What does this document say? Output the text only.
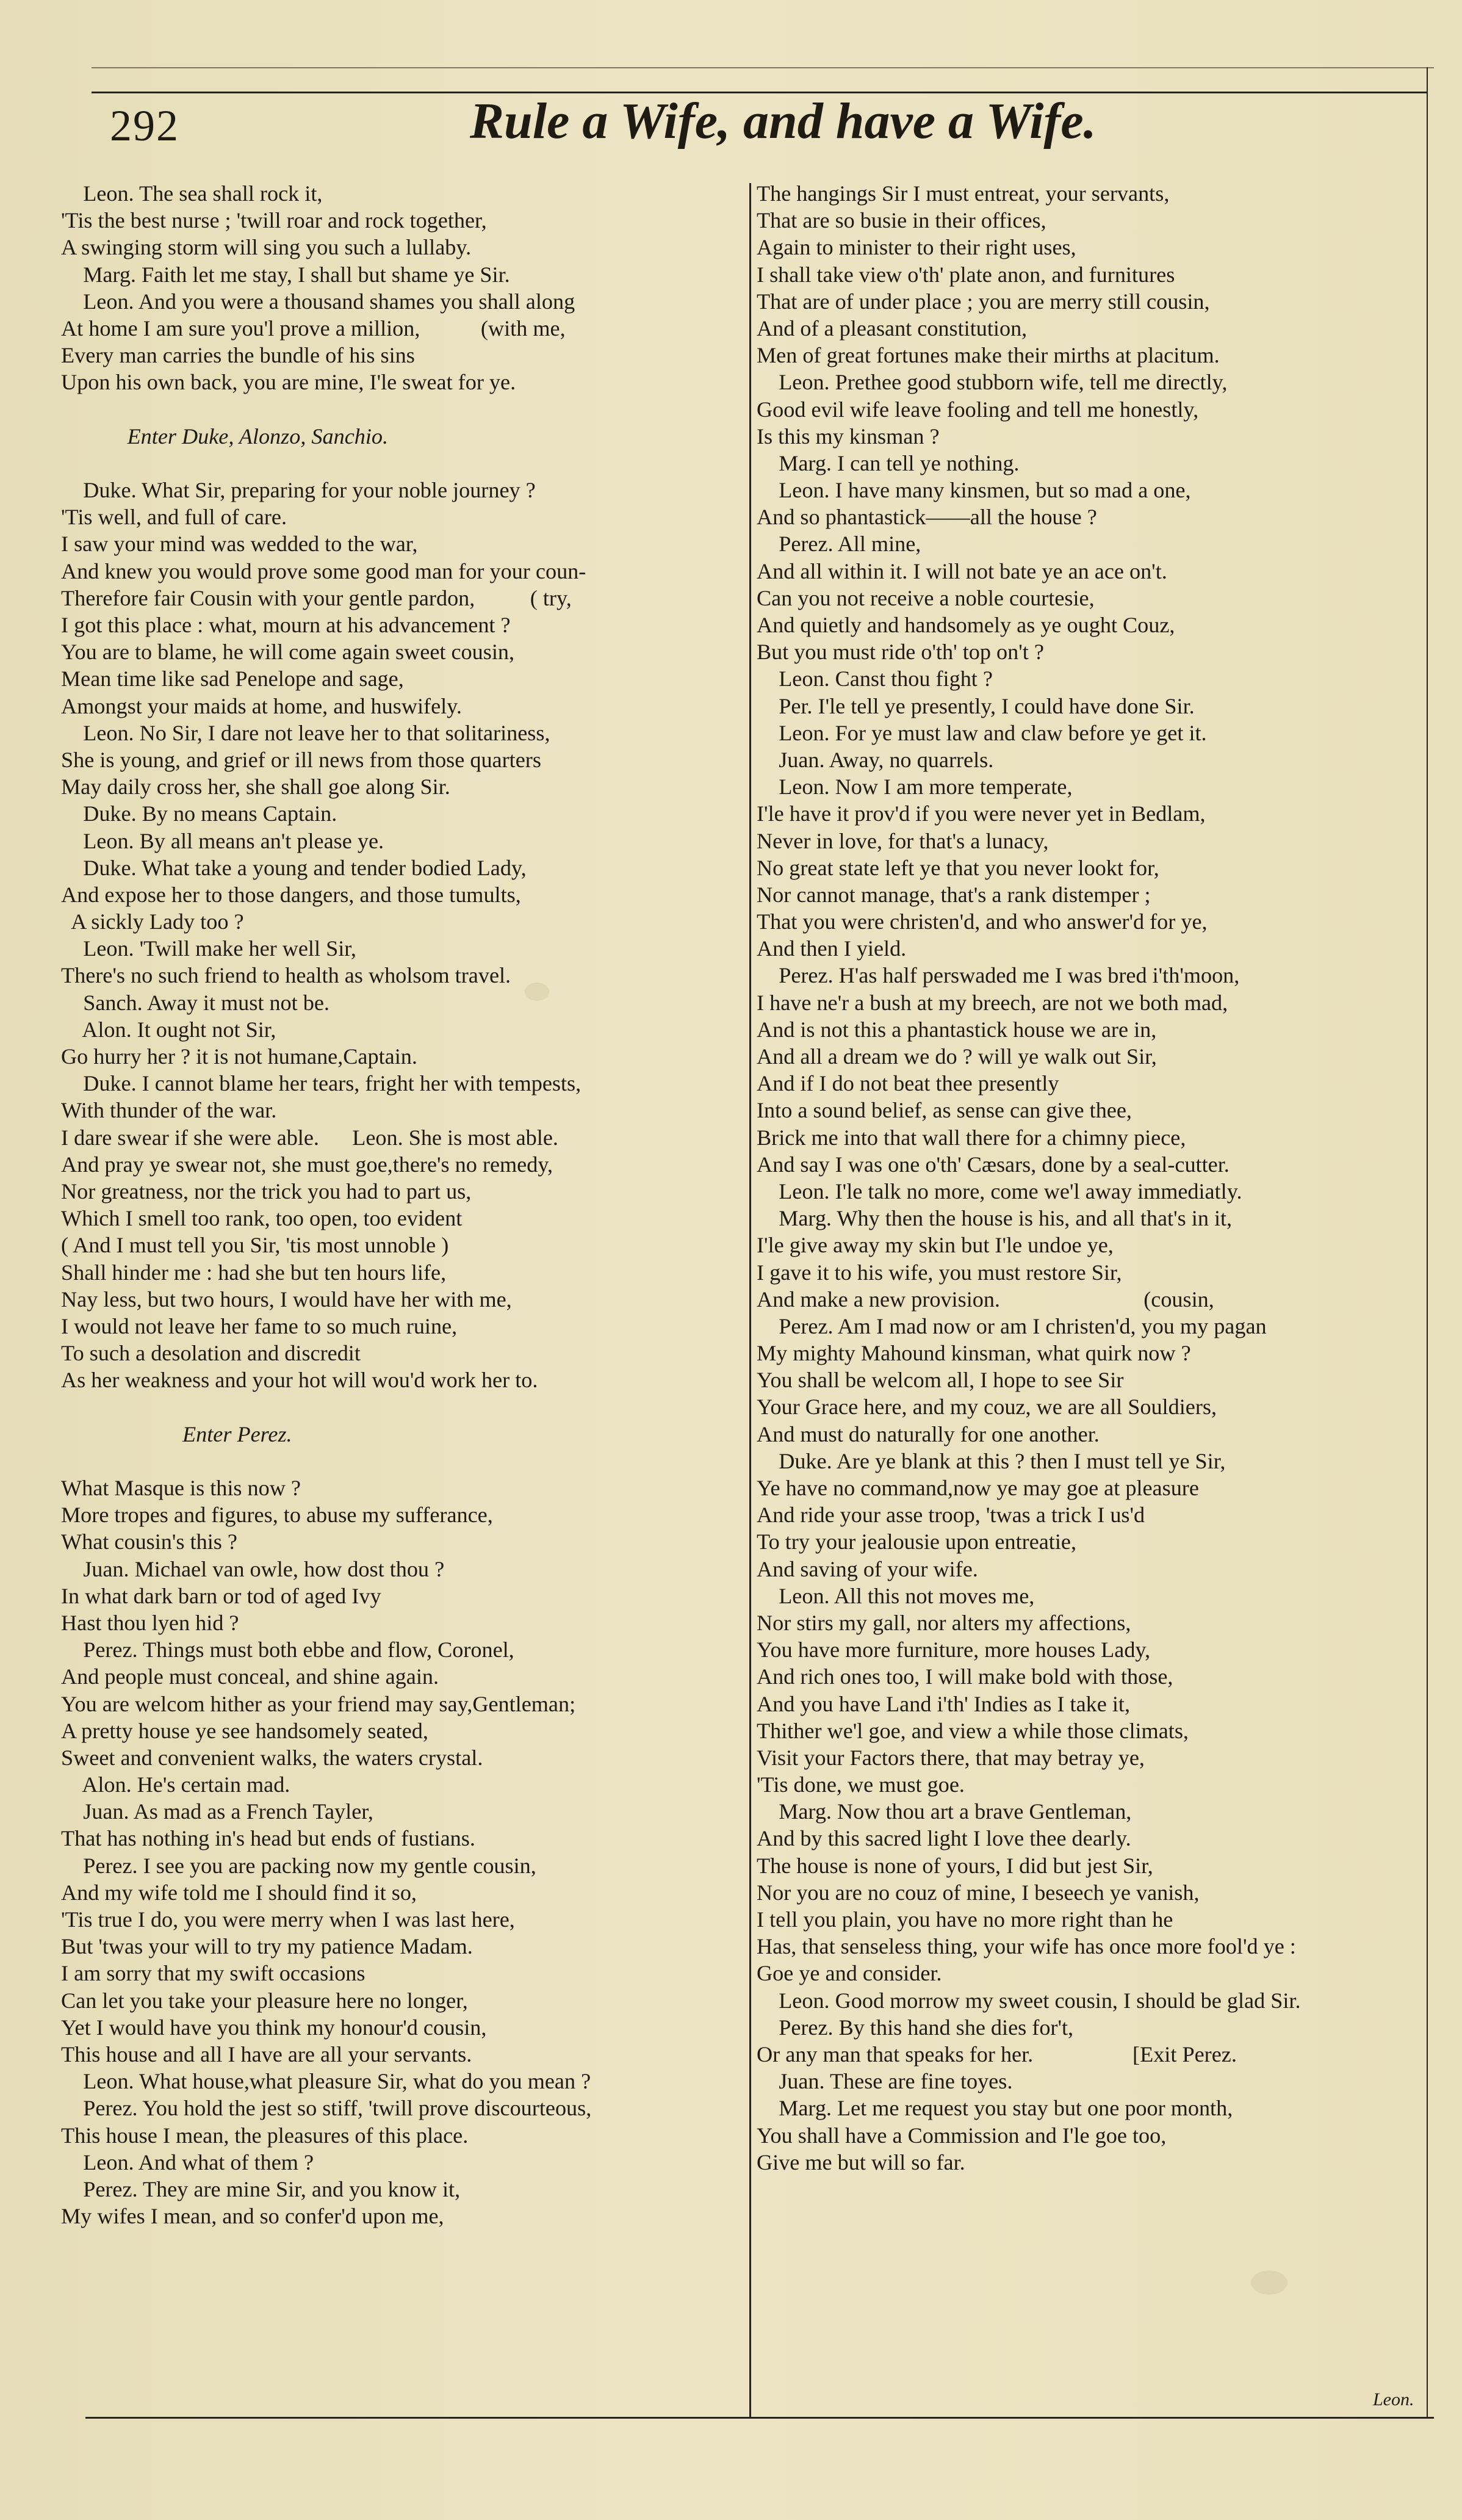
292	Rule a Wife, and have a Wife.
Leon. The sea shall rock it,
'Tis the best nurse ; 'twill roar and rock together,
A swinging storm will sing you such a lullaby.
Marg. Faith let me stay, I shall but shame ye Sir.
Leon. And you were a thousand shames you shall along
At home I am sure you'l prove a million,           (with me,
Every man carries the bundle of his sins
Upon his own back, you are mine, I'le sweat for ye.
Enter Duke, Alonzo, Sanchio.
Duke. What Sir, preparing for your noble journey ?
'Tis well, and full of care.
I saw your mind was wedded to the war,
And knew you would prove some good man for your coun-
Therefore fair Cousin with your gentle pardon,          ( try,
I got this place : what, mourn at his advancement ?
You are to blame, he will come again sweet cousin,
Mean time like sad Penelope and sage,
Amongst your maids at home, and huswifely.
Leon. No Sir, I dare not leave her to that solitariness,
She is young, and grief or ill news from those quarters
May daily cross her, she shall goe along Sir.
Duke. By no means Captain.
Leon. By all means an't please ye.
Duke. What take a young and tender bodied Lady,
And expose her to those dangers, and those tumults,
A sickly Lady too ?
Leon. 'Twill make her well Sir,
There's no such friend to health as wholsom travel.
Sanch. Away it must not be.
Alon. It ought not Sir,
Go hurry her ? it is not humane,Captain.
Duke. I cannot blame her tears, fright her with tempests,
With thunder of the war.
I dare swear if she were able.      Leon. She is most able.
And pray ye swear not, she must goe,there's no remedy,
Nor greatness, nor the trick you had to part us,
Which I smell too rank, too open, too evident
( And I must tell you Sir, 'tis most unnoble )
Shall hinder me : had she but ten hours life,
Nay less, but two hours, I would have her with me,
I would not leave her fame to so much ruine,
To such a desolation and discredit
As her weakness and your hot will wou'd work her to.
Enter Perez.
What Masque is this now ?
More tropes and figures, to abuse my sufferance,
What cousin's this ?
Juan. Michael van owle, how dost thou ?
In what dark barn or tod of aged Ivy
Hast thou lyen hid ?
Perez. Things must both ebbe and flow, Coronel,
And people must conceal, and shine again.
You are welcom hither as your friend may say,Gentleman;
A pretty house ye see handsomely seated,
Sweet and convenient walks, the waters crystal.
Alon. He's certain mad.
Juan. As mad as a French Tayler,
That has nothing in's head but ends of fustians.
Perez. I see you are packing now my gentle cousin,
And my wife told me I should find it so,
'Tis true I do, you were merry when I was last here,
But 'twas your will to try my patience Madam.
I am sorry that my swift occasions
Can let you take your pleasure here no longer,
Yet I would have you think my honour'd cousin,
This house and all I have are all your servants.
Leon. What house,what pleasure Sir, what do you mean ?
Perez. You hold the jest so stiff, 'twill prove discourteous,
This house I mean, the pleasures of this place.
Leon. And what of them ?
Perez. They are mine Sir, and you know it,
My wifes I mean, and so confer'd upon me,
The hangings Sir I must entreat, your servants,
That are so busie in their offices,
Again to minister to their right uses,
I shall take view o'th' plate anon, and furnitures
That are of under place ; you are merry still cousin,
And of a pleasant constitution,
Men of great fortunes make their mirths at placitum.
Leon. Prethee good stubborn wife, tell me directly,
Good evil wife leave fooling and tell me honestly,
Is this my kinsman ?
Marg. I can tell ye nothing.
Leon. I have many kinsmen, but so mad a one,
And so phantastick——all the house ?
Perez. All mine,
And all within it. I will not bate ye an ace on't.
Can you not receive a noble courtesie,
And quietly and handsomely as ye ought Couz,
But you must ride o'th' top on't ?
Leon. Canst thou fight ?
Per. I'le tell ye presently, I could have done Sir.
Leon. For ye must law and claw before ye get it.
Juan. Away, no quarrels.
Leon. Now I am more temperate,
I'le have it prov'd if you were never yet in Bedlam,
Never in love, for that's a lunacy,
No great state left ye that you never lookt for,
Nor cannot manage, that's a rank distemper ;
That you were christen'd, and who answer'd for ye,
And then I yield.
Perez. H'as half perswaded me I was bred i'th'moon,
I have ne'r a bush at my breech, are not we both mad,
And is not this a phantastick house we are in,
And all a dream we do ? will ye walk out Sir,
And if I do not beat thee presently
Into a sound belief, as sense can give thee,
Brick me into that wall there for a chimny piece,
And say I was one o'th' Cæsars, done by a seal-cutter.
Leon. I'le talk no more, come we'l away immediatly.
Marg. Why then the house is his, and all that's in it,
I'le give away my skin but I'le undoe ye,
I gave it to his wife, you must restore Sir,
And make a new provision.                          (cousin,
Perez. Am I mad now or am I christen'd, you my pagan
My mighty Mahound kinsman, what quirk now ?
You shall be welcom all, I hope to see Sir
Your Grace here, and my couz, we are all Souldiers,
And must do naturally for one another.
Duke. Are ye blank at this ? then I must tell ye Sir,
Ye have no command,now ye may goe at pleasure
And ride your asse troop, 'twas a trick I us'd
To try your jealousie upon entreatie,
And saving of your wife.
Leon. All this not moves me,
Nor stirs my gall, nor alters my affections,
You have more furniture, more houses Lady,
And rich ones too, I will make bold with those,
And you have Land i'th' Indies as I take it,
Thither we'l goe, and view a while those climats,
Visit your Factors there, that may betray ye,
'Tis done, we must goe.
Marg. Now thou art a brave Gentleman,
And by this sacred light I love thee dearly.
The house is none of yours, I did but jest Sir,
Nor you are no couz of mine, I beseech ye vanish,
I tell you plain, you have no more right than he
Has, that senseless thing, your wife has once more fool'd ye :
Goe ye and consider.
Leon. Good morrow my sweet cousin, I should be glad Sir.
Perez. By this hand she dies for't,
Or any man that speaks for her.                  [Exit Perez.
Juan. These are fine toyes.
Marg. Let me request you stay but one poor month,
You shall have a Commission and I'le goe too,
Give me but will so far.
Leon.
